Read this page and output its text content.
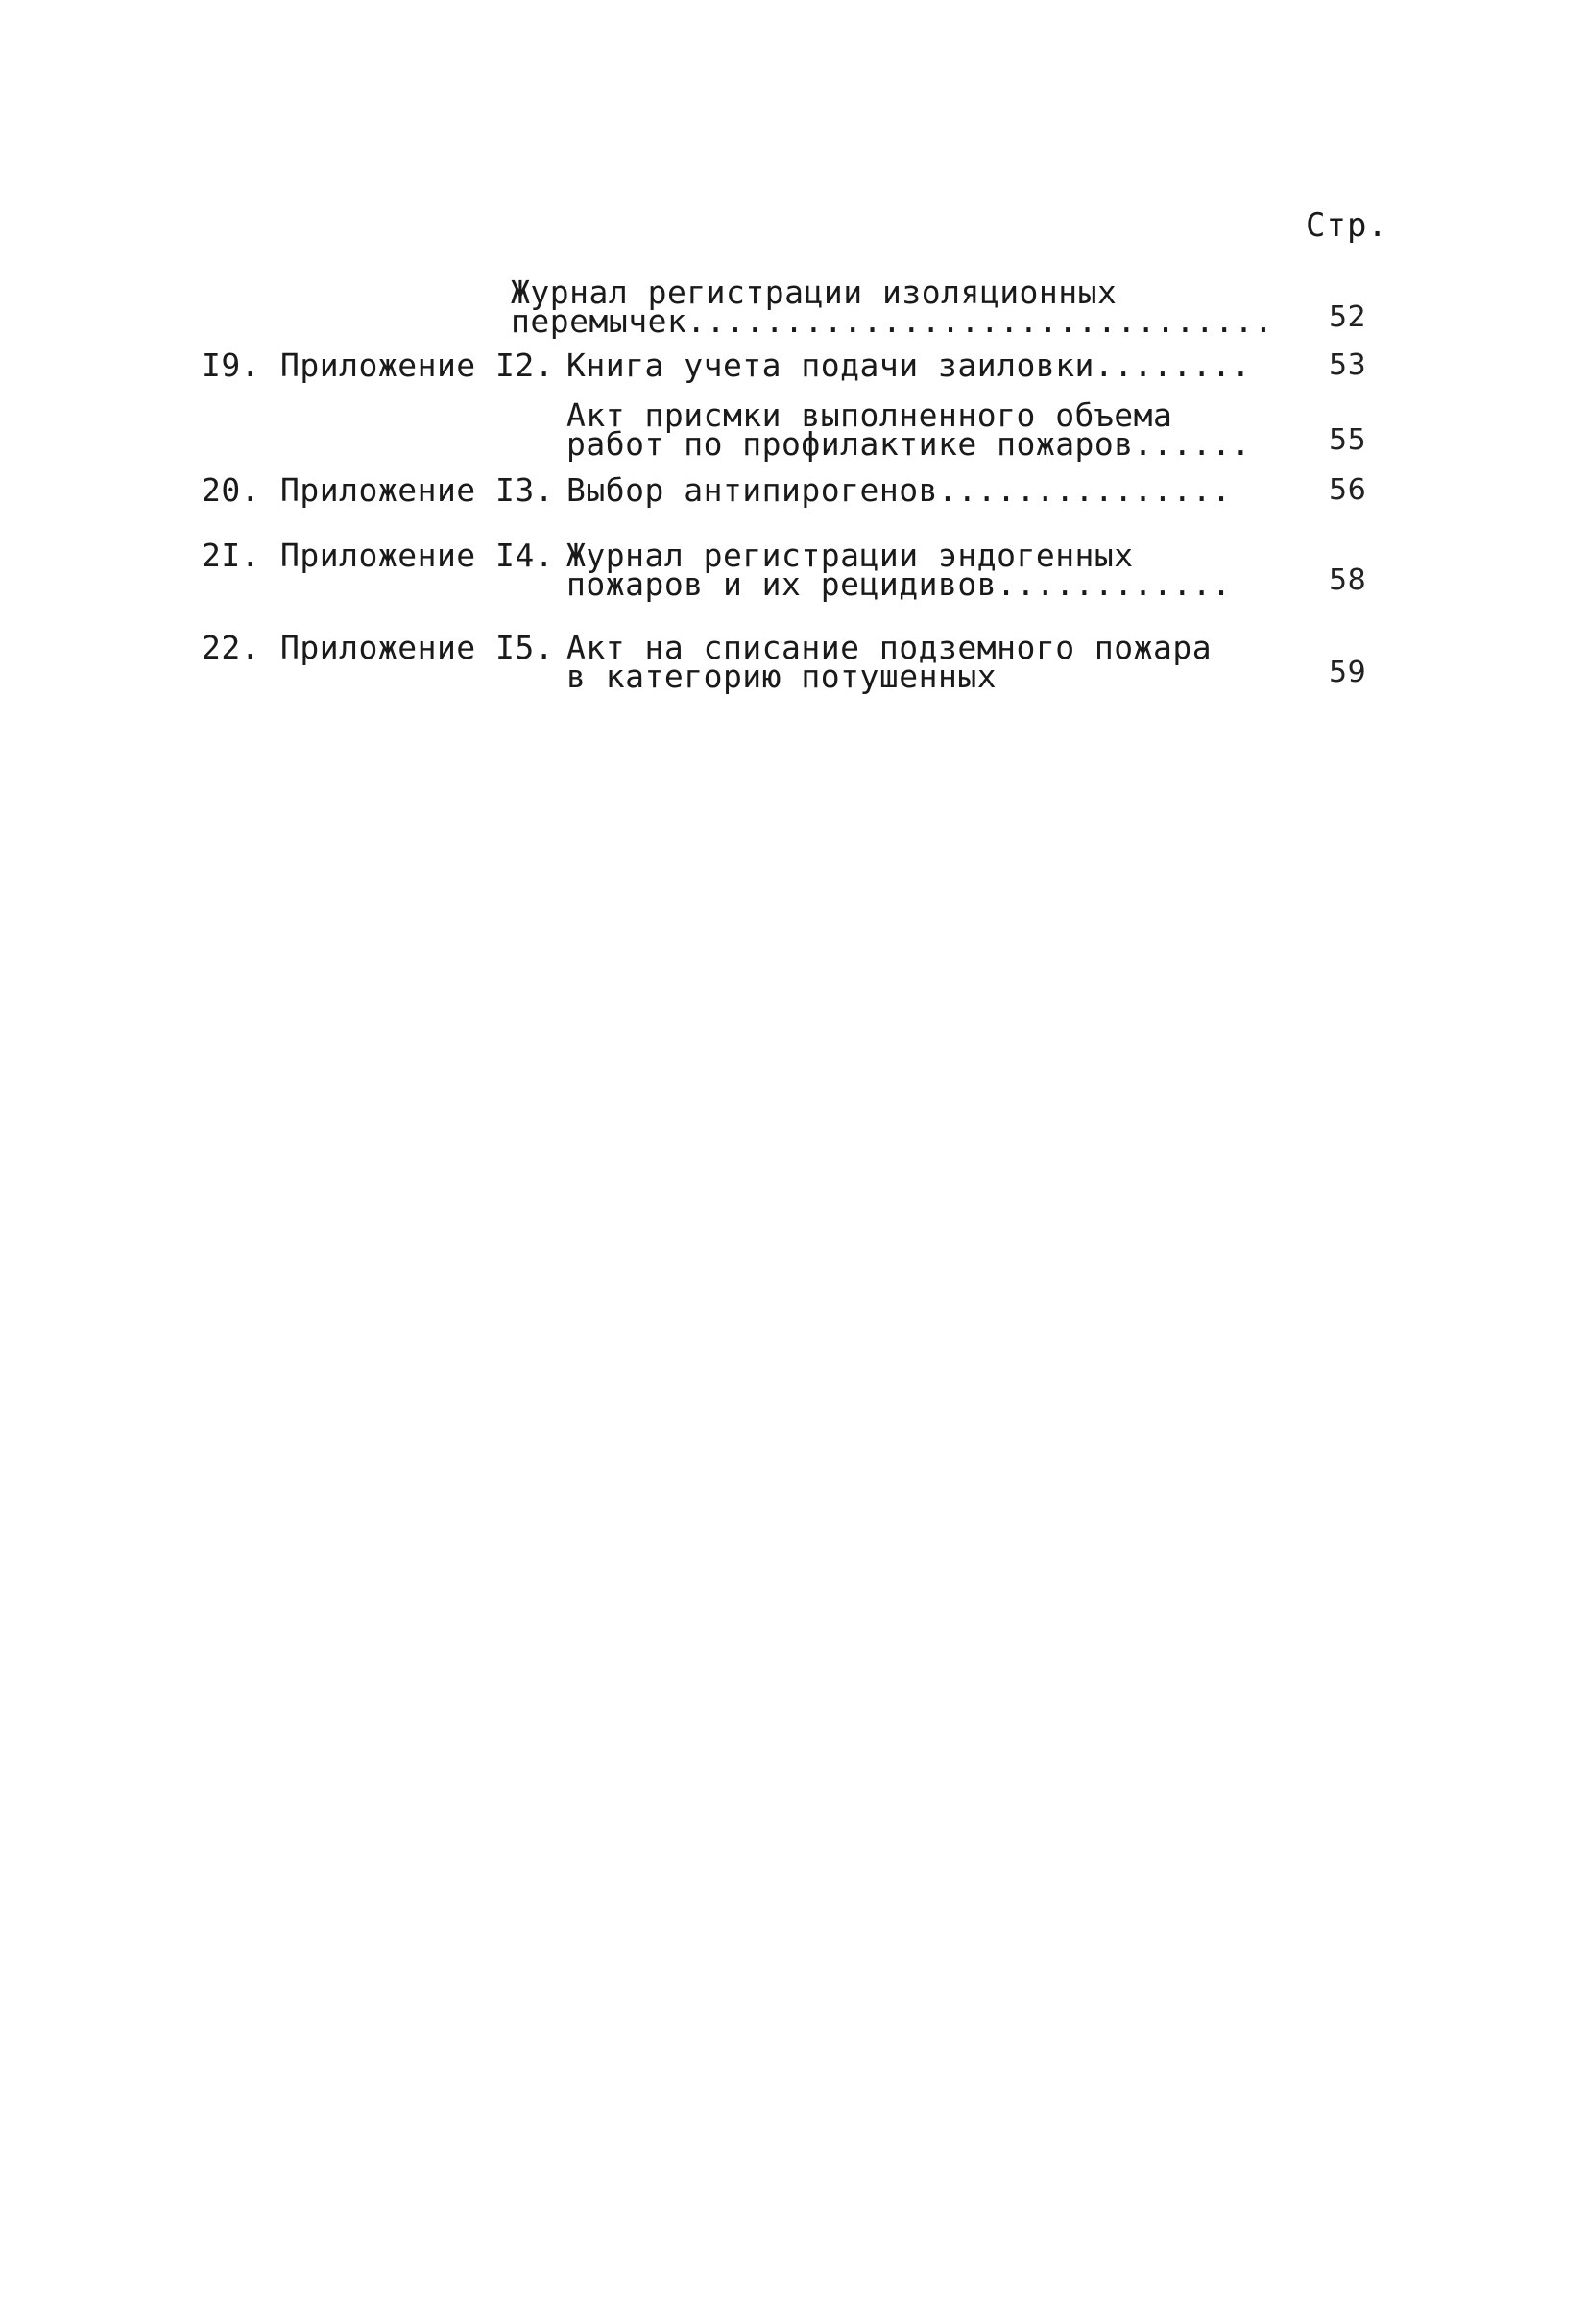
Стр.
Журнал регистрации изоляционных
перемычек.............................. 52
I9. Приложение I2. Книга учета подачи заиловки........	53
Акт присмки выполненного объема
работ по профилактике пожаров......	55
20. Приложение I3. Выбор антипирогенов...............	56
2I. Приложение I4. Журнал регистрации эндогенных
пожаров и их рецидивов............	58
22. Приложение I5. Акт на списание подземного пожара
в категорию потушенных	59
